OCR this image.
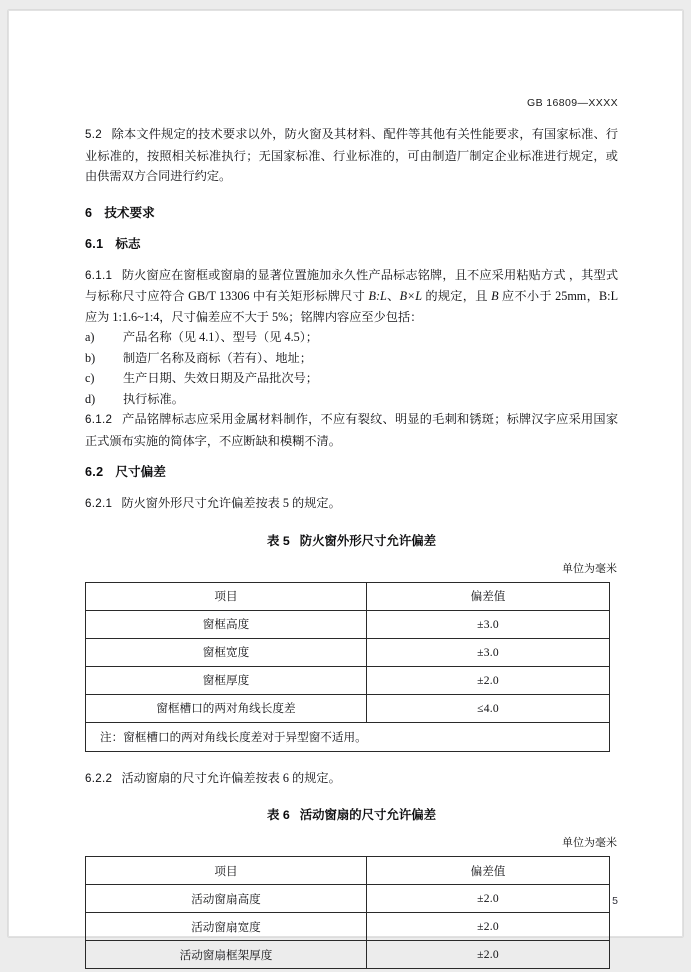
GB 16809—XXXX

5.2 除本文件规定的技术要求以外，防火窗及其材料、配件等其他有关性能要求，有国家标准、行业标准的，按照相关标准执行；无国家标准、行业标准的，可由制造厂制定企业标准进行规定，或由供需双方合同进行约定。

6 技术要求
6.1 标志

6.1.1 防火窗应在窗框或窗扇的显著位置施加永久性产品标志铭牌，且不应采用粘贴方式 ，其型式与标称尺寸应符合 GB/T 13306 中有关矩形标牌尺寸 B:L、B×L 的规定，且 B 应不小于 25mm，B:L 应为 1:1.6~1:4，尺寸偏差应不大于 5%；铭牌内容应至少包括：

a) 产品名称（见 4.1）、型号（见 4.5）；
b) 制造厂名称及商标（若有）、地址；
c) 生产日期、失效日期及产品批次号；
d) 执行标准。

6.1.2 产品铭牌标志应采用金属材料制作，不应有裂纹、明显的毛刺和锈斑；标牌汉字应采用国家正式颁布实施的简体字，不应断缺和模糊不清。

6.2 尺寸偏差

6.2.1 防火窗外形尺寸允许偏差按表 5 的规定。

表 5 防火窗外形尺寸允许偏差
单位为毫米
项目	偏差值
窗框高度	±3.0
窗框宽度	±3.0
窗框厚度	±2.0
窗框槽口的两对角线长度差	≤4.0
注：窗框槽口的两对角线长度差对于异型窗不适用。	

6.2.2 活动窗扇的尺寸允许偏差按表 6 的规定。

表 6 活动窗扇的尺寸允许偏差
单位为毫米
项目	偏差值
活动窗扇高度	±2.0
活动窗扇宽度	±2.0
活动窗扇框架厚度	±2.0
5
